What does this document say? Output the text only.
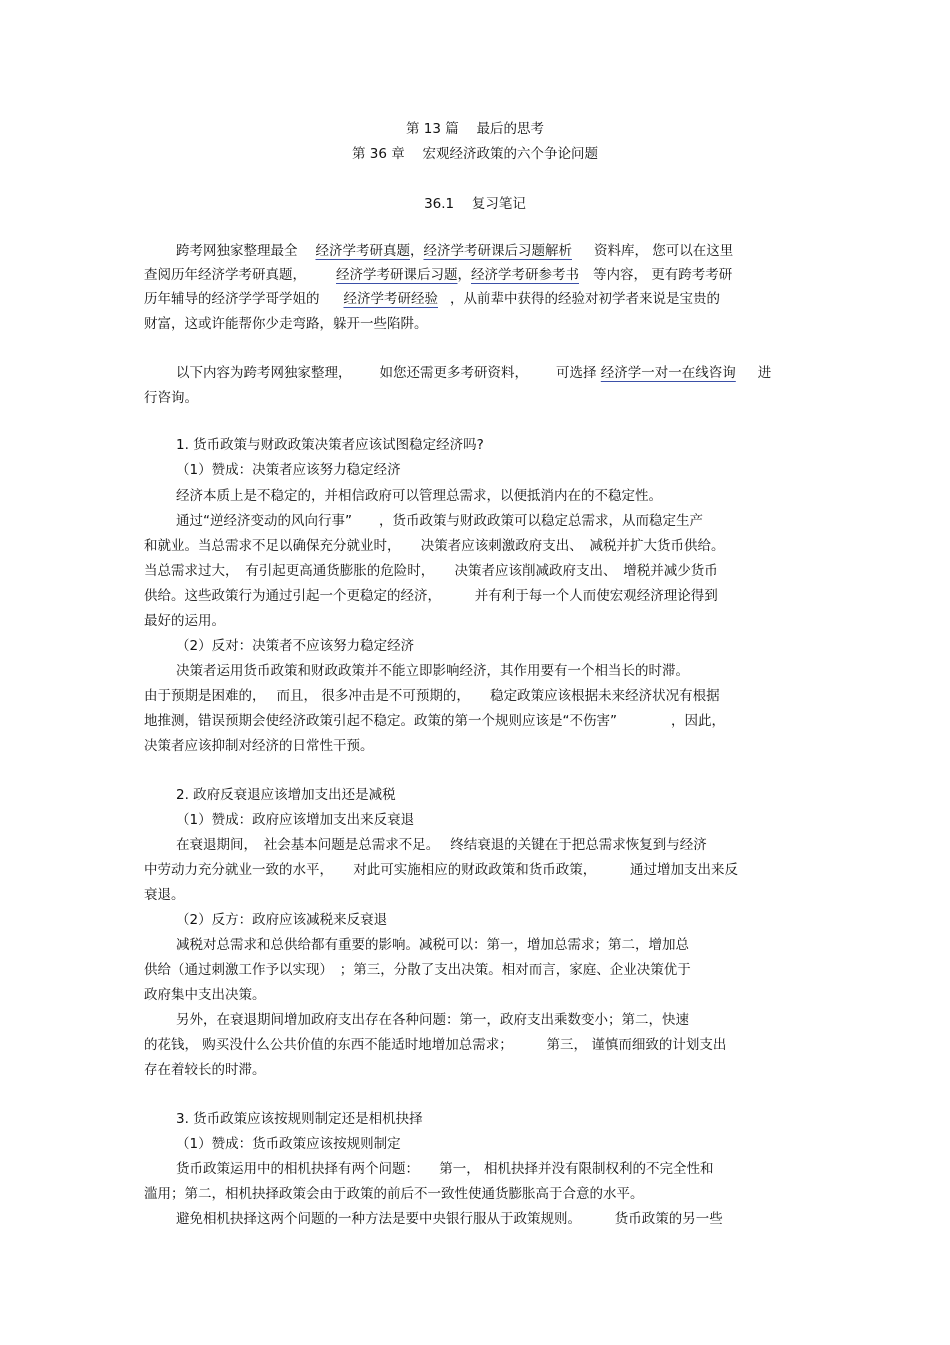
第 13 篇　 最后的思考
第 36 章　 宏观经济政策的六个争论问题
36.1　 复习笔记
跨考网独家整理最全 经济学考研真题，经济学考研课后习题解析 资料库， 您可以在这里
查阅历年经济学考研真题， 经济学考研课后习题，经济学考研参考书 等内容， 更有跨考考研
历年辅导的经济学学哥学姐的 经济学考研经验 ，从前辈中获得的经验对初学者来说是宝贵的
财富，这或许能帮你少走弯路，躲开一些陷阱。
以下内容为跨考网独家整理， 如您还需更多考研资料， 可选择 经济学一对一在线咨询 进
行咨询。
1. 货币政策与财政政策决策者应该试图稳定经济吗?
（1）赞成：决策者应该努力稳定经济
经济本质上是不稳定的，并相信政府可以管理总需求，以便抵消内在的不稳定性。
通过“逆经济变动的风向行事”　　，货币政策与财政政策可以稳定总需求，从而稳定生产
和就业。当总需求不足以确保充分就业时，　　决策者应该刺激政府支出、　减税并扩大货币供给。
当总需求过大，　有引起更高通货膨胀的危险时，　　决策者应该削减政府支出、　增税并减少货币
供给。这些政策行为通过引起一个更稳定的经济，　　　并有利于每一个人而使宏观经济理论得到
最好的运用。
（2）反对：决策者不应该努力稳定经济
决策者运用货币政策和财政政策并不能立即影响经济，其作用要有一个相当长的时滞。
由于预期是困难的，　 而且， 很多冲击是不可预期的，　　稳定政策应该根据未来经济状况有根据
地推测，错误预期会使经济政策引起不稳定。政策的第一个规则应该是“不伤害”　　　　，因此，
决策者应该抑制对经济的日常性干预。
2. 政府反衰退应该增加支出还是减税
（1）赞成：政府应该增加支出来反衰退
在衰退期间，　社会基本问题是总需求不足。　 终结衰退的关键在于把总需求恢复到与经济
中劳动力充分就业一致的水平，　　对此可实施相应的财政政策和货币政策，　　　通过增加支出来反
衰退。
（2）反方：政府应该减税来反衰退
减税对总需求和总供给都有重要的影响。减税可以：第一，增加总需求；第二，增加总
供给（通过刺激工作予以实现）　；第三，分散了支出决策。相对而言，家庭、企业决策优于
政府集中支出决策。
另外，在衰退期间增加政府支出存在各种问题：第一，政府支出乘数变小；第二，快速
的花钱， 购买没什么公共价值的东西不能适时地增加总需求；　　　第三， 谨慎而细致的计划支出
存在着较长的时滞。
3. 货币政策应该按规则制定还是相机抉择
（1）赞成：货币政策应该按规则制定
货币政策运用中的相机抉择有两个问题：　　第一， 相机抉择并没有限制权利的不完全性和
滥用；第二，相机抉择政策会由于政策的前后不一致性使通货膨胀高于合意的水平。
避免相机抉择这两个问题的一种方法是要中央银行服从于政策规则。　　　货币政策的另一些
